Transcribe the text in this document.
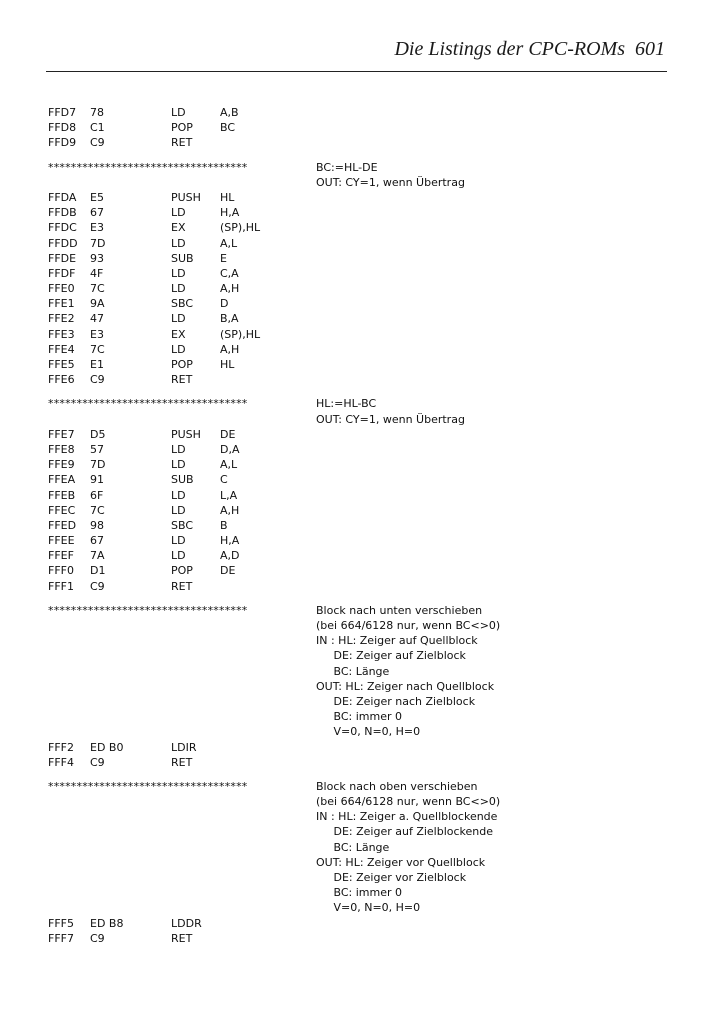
Die Listings der CPC-ROMs 601
FFD7 78	LD	A,B
FFD8 C1	POP BC
FFD9 C9	RET
***********************************	BC:=HL-DE
OUT: CY=1, wenn Übertrag
FFDA E5	PUSH HL
FFDB 67	LD	H,A
FFDC E3	EX	(SP),HL
FFDD 7D	LD	A,L
FFDE 93	SUB E
FFDF 4F	LD	C,A
FFE0 7C	LD	A,H
FFE1 9A	SBC D
FFE2 47	LD	B,A
FFE3 E3	EX	(SP),HL
FFE4 7C	LD	A,H
FFE5 E1	POP HL
FFE6 C9	RET
***********************************	HL:=HL-BC
OUT: CY=1, wenn Übertrag
FFE7 D5	PUSH DE
FFE8 57	LD	D,A
FFE9 7D	LD	A,L
FFEA 91	SUB C
FFEB 6F	LD	L,A
FFEC 7C	LD	A,H
FFED 98	SBC B
FFEE 67	LD	H,A
FFEF 7A	LD	A,D
FFF0 D1	POP DE
FFF1 C9	RET
***********************************	Block nach unten verschieben
(bei 664/6128 nur, wenn BC<>0)
IN : HL: Zeiger auf Quellblock
DE: Zeiger auf Zielblock
BC: Länge
OUT: HL: Zeiger nach Quellblock
DE: Zeiger nach Zielblock
BC: immer 0
V=0, N=0, H=0
FFF2 ED B0	LDIR
FFF4 C9	RET
***********************************	Block nach oben verschieben
(bei 664/6128 nur, wenn BC<>0)
IN : HL: Zeiger a. Quellblockende
DE: Zeiger auf Zielblockende
BC: Länge
OUT: HL: Zeiger vor Quellblock
DE: Zeiger vor Zielblock
BC: immer 0
V=0, N=0, H=0
FFF5 ED B8	LDDR
FFF7 C9	RET
